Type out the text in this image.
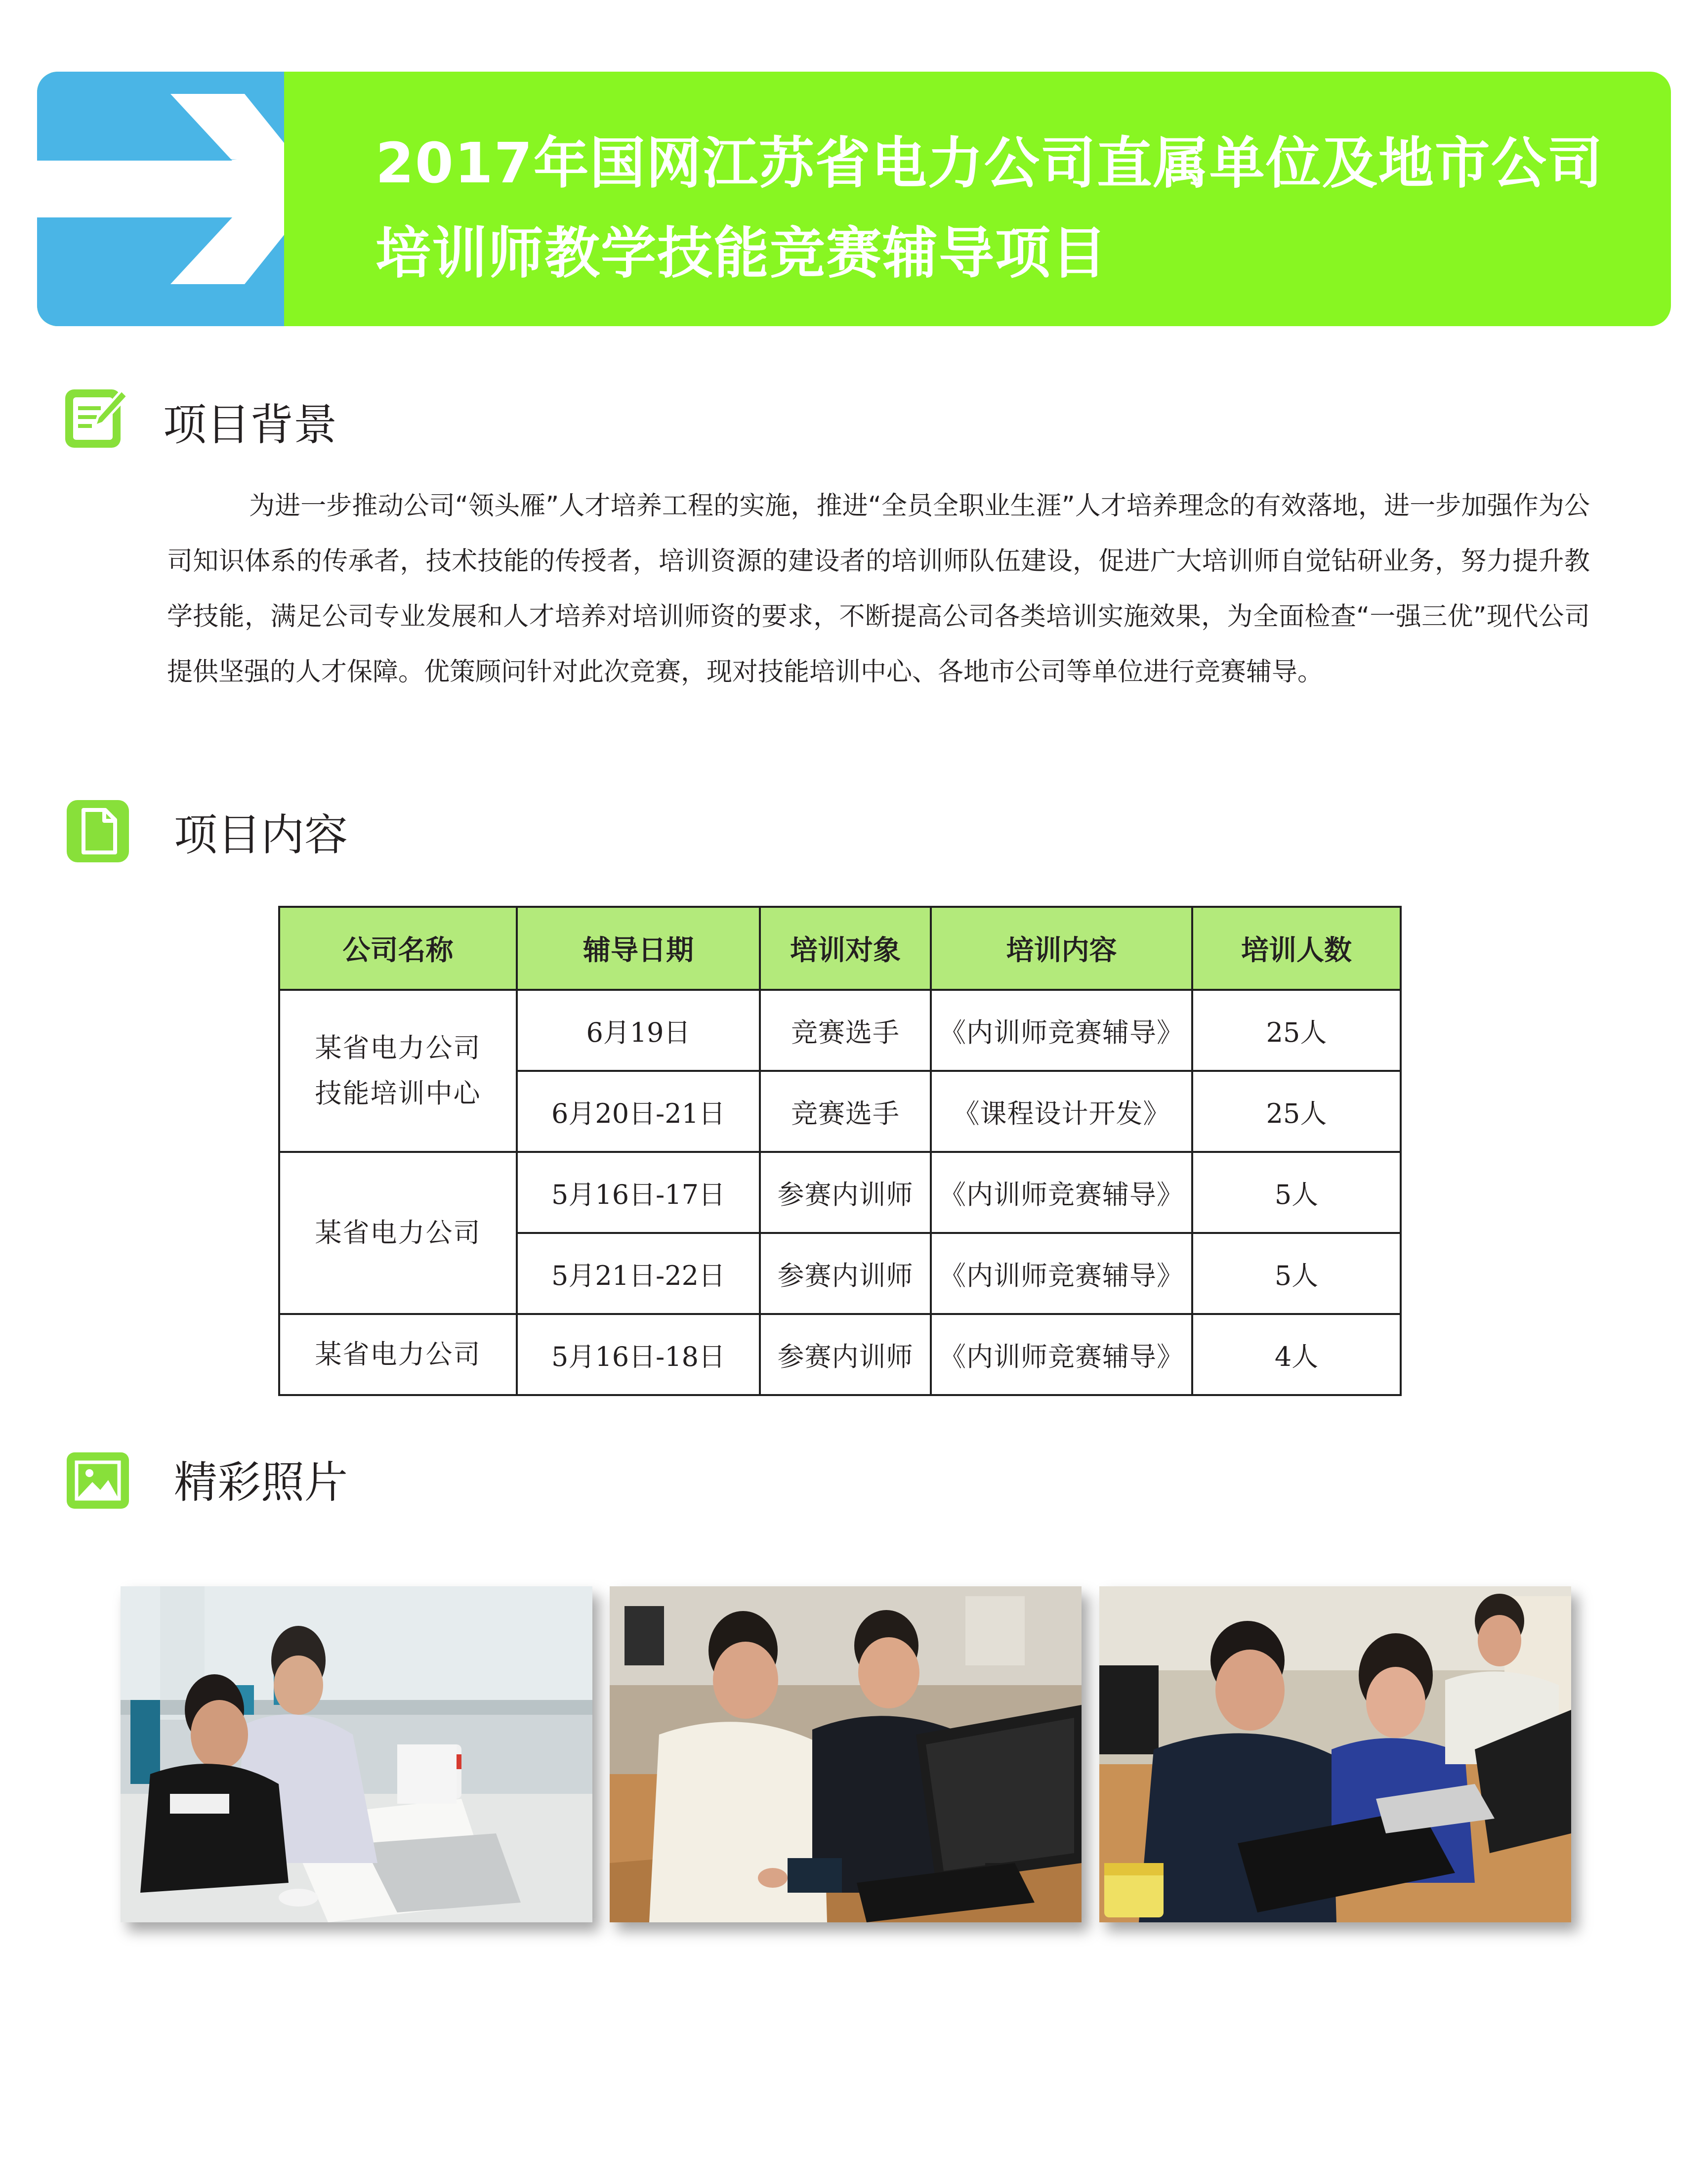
2017年国网江苏省电力公司直属单位及地市公司
培训师教学技能竞赛辅导项目
项目背景
为进一步推动公司“领头雁”人才培养工程的实施，推进“全员全职业生涯”人才培养理念的有效落地，进一步加强作为公司知识体系的传承者，技术技能的传授者，培训资源的建设者的培训师队伍建设，促进广大培训师自觉钻研业务，努力提升教学技能，满足公司专业发展和人才培养对培训师资的要求，不断提高公司各类培训实施效果，为全面检查“一强三优”现代公司提供坚强的人才保障。优策顾问针对此次竞赛，现对技能培训中心、各地市公司等单位进行竞赛辅导。
项目内容
公司名称	辅导日期	培训对象	培训内容	培训人数

某省电力公司
技能培训中心	6月19日	竞赛选手	《内训师竞赛辅导》	25人
	6月20日-21日	竞赛选手	《课程设计开发》	25人

某省电力公司	5月16日-17日	参赛内训师	《内训师竞赛辅导》	5人
	5月21日-22日	参赛内训师	《内训师竞赛辅导》	5人

某省电力公司	5月16日-18日	参赛内训师	《内训师竞赛辅导》	4人
精彩照片
